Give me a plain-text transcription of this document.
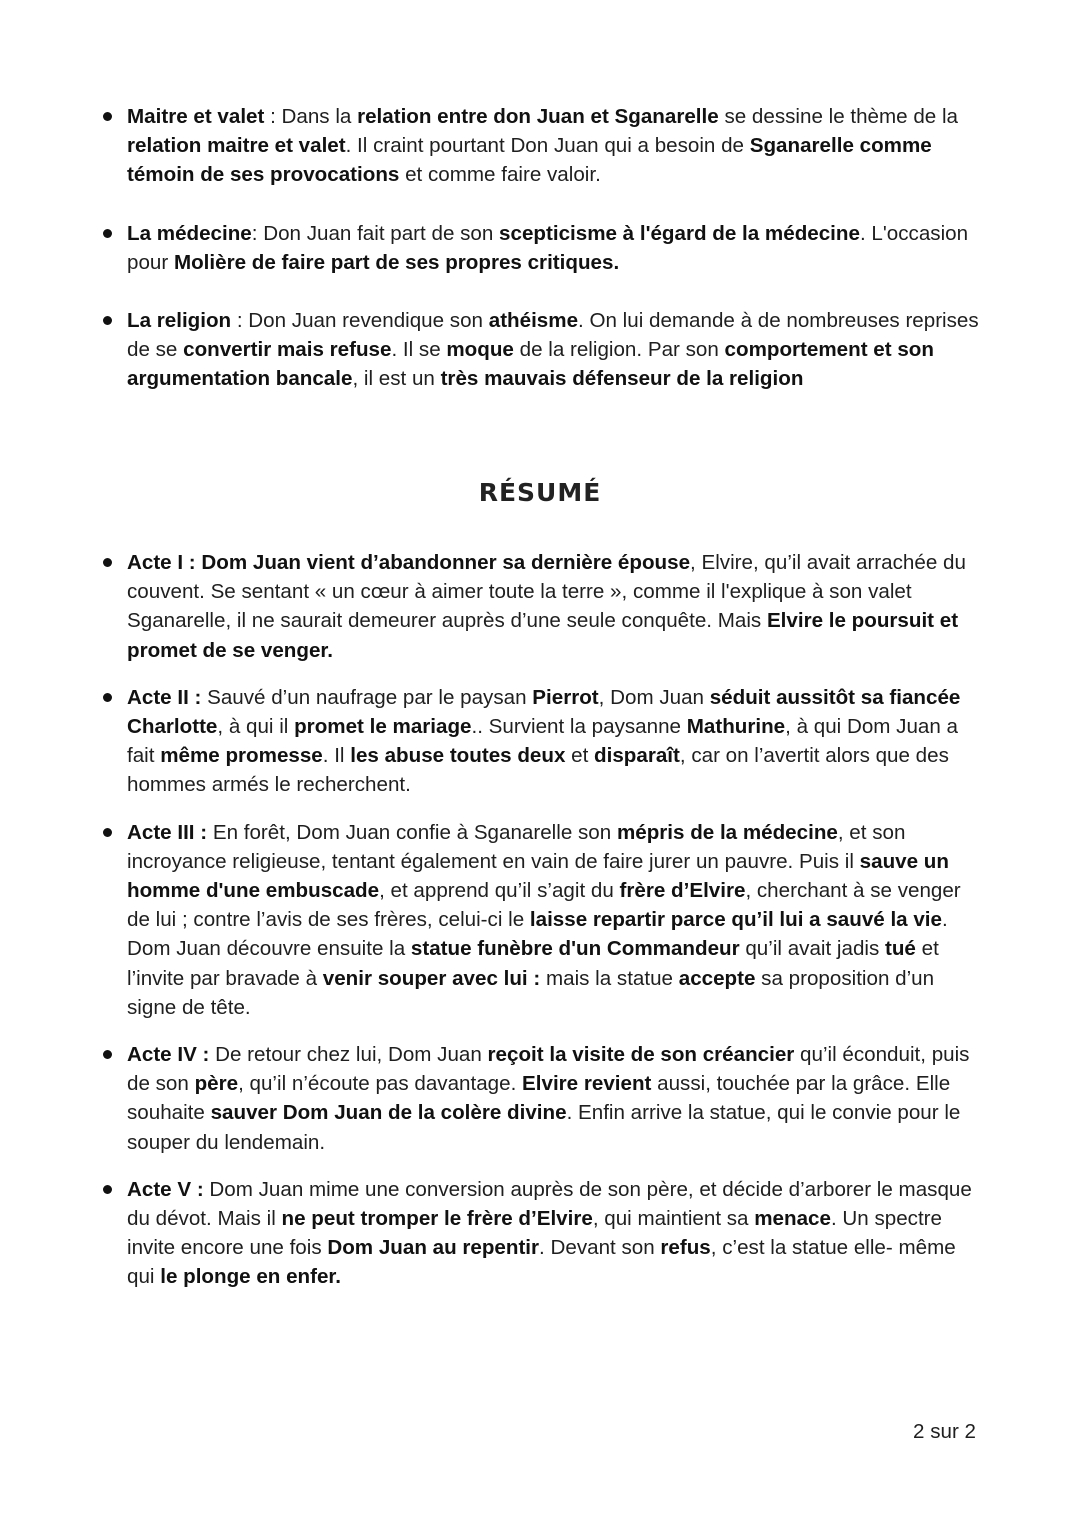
Maitre et valet : Dans la relation entre don Juan et Sganarelle se dessine le thème de la relation maitre et valet. Il craint pourtant Don Juan qui a besoin de Sganarelle comme témoin de ses provocations et comme faire valoir.
La médecine: Don Juan fait part de son scepticisme à l'égard de la médecine. L'occasion pour Molière de faire part de ses propres critiques.
La religion : Don Juan revendique son athéisme. On lui demande à de nombreuses reprises de se convertir mais refuse. Il se moque de la religion. Par son comportement et son argumentation bancale, il est un très mauvais défenseur de la religion
RÉSUMÉ
Acte I : Dom Juan vient d’abandonner sa dernière épouse, Elvire, qu’il avait arrachée du couvent. Se sentant « un cœur à aimer toute la terre », comme il l'explique à son valet Sganarelle, il ne saurait demeurer auprès d’une seule conquête. Mais Elvire le poursuit et promet de se venger.
Acte II : Sauvé d’un naufrage par le paysan Pierrot, Dom Juan séduit aussitôt sa fiancée Charlotte, à qui il promet le mariage.. Survient la paysanne Mathurine, à qui Dom Juan a fait même promesse. Il les abuse toutes deux et disparaît, car on l’avertit alors que des hommes armés le recherchent.
Acte III : En forêt, Dom Juan confie à Sganarelle son mépris de la médecine, et son incroyance religieuse, tentant également en vain de faire jurer un pauvre. Puis il sauve un homme d'une embuscade, et apprend qu’il s’agit du frère d’Elvire, cherchant à se venger de lui ; contre l’avis de ses frères, celui-ci le laisse repartir parce qu’il lui a sauvé la vie. Dom Juan découvre ensuite la statue funèbre d'un Commandeur qu’il avait jadis tué et l’invite par bravade à venir souper avec lui : mais la statue accepte sa proposition d’un signe de tête.
Acte IV : De retour chez lui, Dom Juan reçoit la visite de son créancier qu’il éconduit, puis de son père, qu’il n’écoute pas davantage. Elvire revient aussi, touchée par la grâce. Elle souhaite sauver Dom Juan de la colère divine. Enfin arrive la statue, qui le convie pour le souper du lendemain.
Acte V : Dom Juan mime une conversion auprès de son père, et décide d’arborer le masque du dévot. Mais il ne peut tromper le frère d’Elvire, qui maintient sa menace. Un spectre invite encore une fois Dom Juan au repentir. Devant son refus, c’est la statue elle- même qui le plonge en enfer.
2 sur 2
